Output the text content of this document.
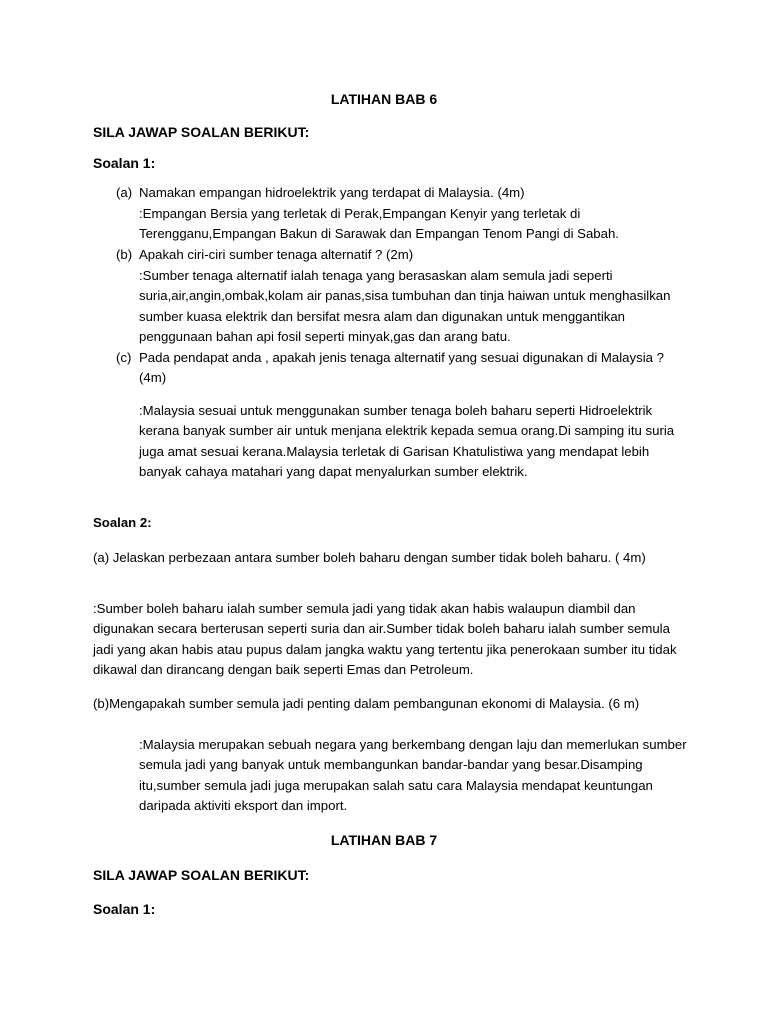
LATIHAN BAB 6
SILA JAWAP SOALAN BERIKUT:
Soalan 1:
(a) Namakan empangan hidroelektrik yang terdapat di Malaysia. (4m)
:Empangan Bersia yang terletak di Perak,Empangan Kenyir yang terletak di Terengganu,Empangan Bakun di Sarawak dan Empangan Tenom Pangi di Sabah.
(b) Apakah ciri-ciri sumber tenaga alternatif ? (2m)
:Sumber tenaga alternatif ialah tenaga yang berasaskan alam semula jadi seperti suria,air,angin,ombak,kolam air panas,sisa tumbuhan dan tinja haiwan untuk menghasilkan sumber kuasa elektrik dan bersifat mesra alam dan digunakan untuk menggantikan penggunaan bahan api fosil seperti minyak,gas dan arang batu.
(c) Pada pendapat anda , apakah jenis tenaga alternatif yang sesuai digunakan di Malaysia ? (4m)
:Malaysia sesuai untuk menggunakan sumber tenaga boleh baharu seperti Hidroelektrik kerana banyak sumber air untuk menjana elektrik kepada semua orang.Di samping itu suria juga amat sesuai kerana.Malaysia terletak di Garisan Khatulistiwa yang mendapat lebih banyak cahaya matahari yang dapat menyalurkan sumber elektrik.
Soalan 2:
(a) Jelaskan perbezaan antara sumber boleh baharu dengan sumber tidak boleh baharu. ( 4m)
:Sumber boleh baharu ialah sumber semula jadi yang tidak akan habis walaupun diambil dan digunakan secara berterusan seperti suria dan air.Sumber tidak boleh baharu ialah sumber semula jadi yang akan habis atau pupus dalam jangka waktu yang tertentu jika penerokaan sumber itu tidak dikawal dan dirancang dengan baik seperti Emas dan Petroleum.
(b)Mengapakah sumber semula jadi penting dalam pembangunan ekonomi di Malaysia. (6 m)
:Malaysia merupakan sebuah negara yang berkembang dengan laju dan memerlukan sumber semula jadi yang banyak untuk membangunkan bandar-bandar yang besar.Disamping itu,sumber semula jadi juga merupakan salah satu cara Malaysia mendapat keuntungan daripada aktiviti eksport dan import.
LATIHAN BAB 7
SILA JAWAP SOALAN BERIKUT:
Soalan 1:
